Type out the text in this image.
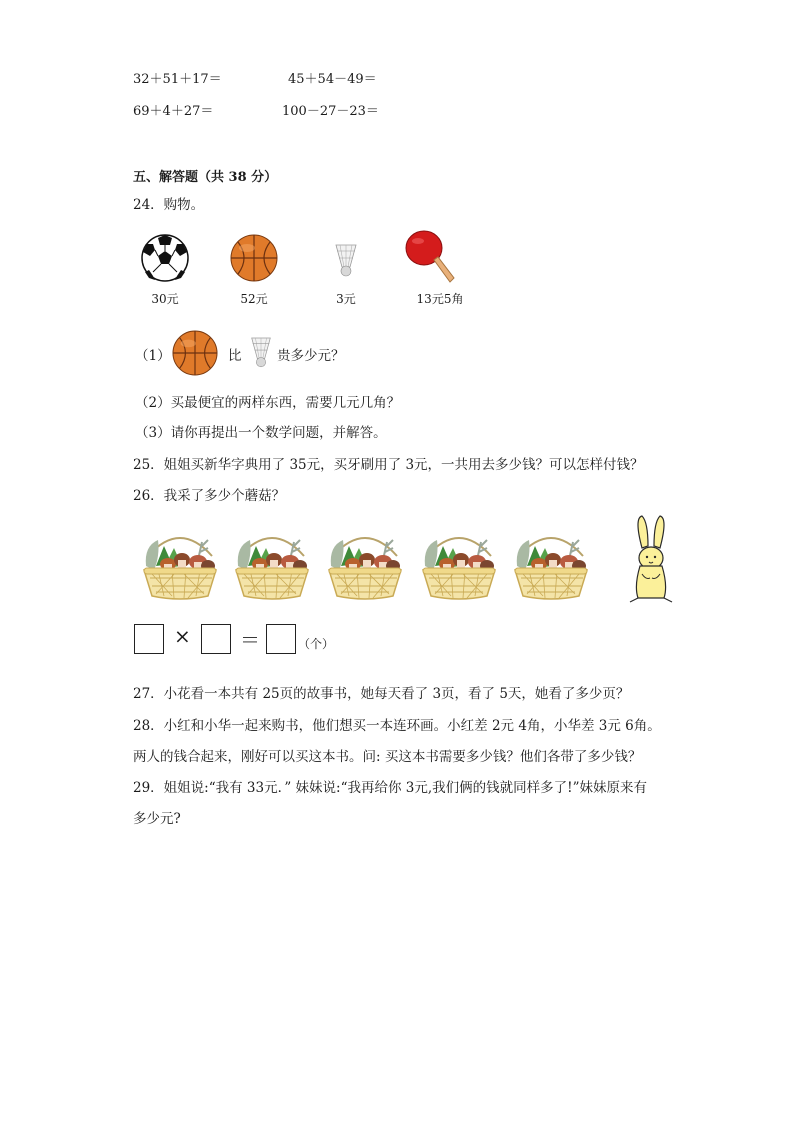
32＋51＋17＝	45＋54－49＝
69＋4＋27＝	100－27－23＝
五、解答题（共 38 分）
24．购物。
30元	52元	3元	13元5角
（1）	比	贵多少元？
（2）买最便宜的两样东西，需要几元几角？
（3）请你再提出一个数学问题，并解答。
25．姐姐买新华字典用了 35元，买牙刷用了 3元，一共用去多少钱？可以怎样付钱？
26．我采了多少个蘑菇？
× ＝	（个）
27．小花看一本共有 25页的故事书，她每天看了 3页，看了 5天，她看了多少页？
28．小红和小华一起来购书，他们想买一本连环画。小红差 2元 4角，小华差 3元 6角。
两人的钱合起来，刚好可以买这本书。问: 买这本书需要多少钱？他们各带了多少钱？
29．姐姐说:“我有 33元．” 妹妹说:“我再给你 3元,我们俩的钱就同样多了!”妹妹原来有
多少元?
